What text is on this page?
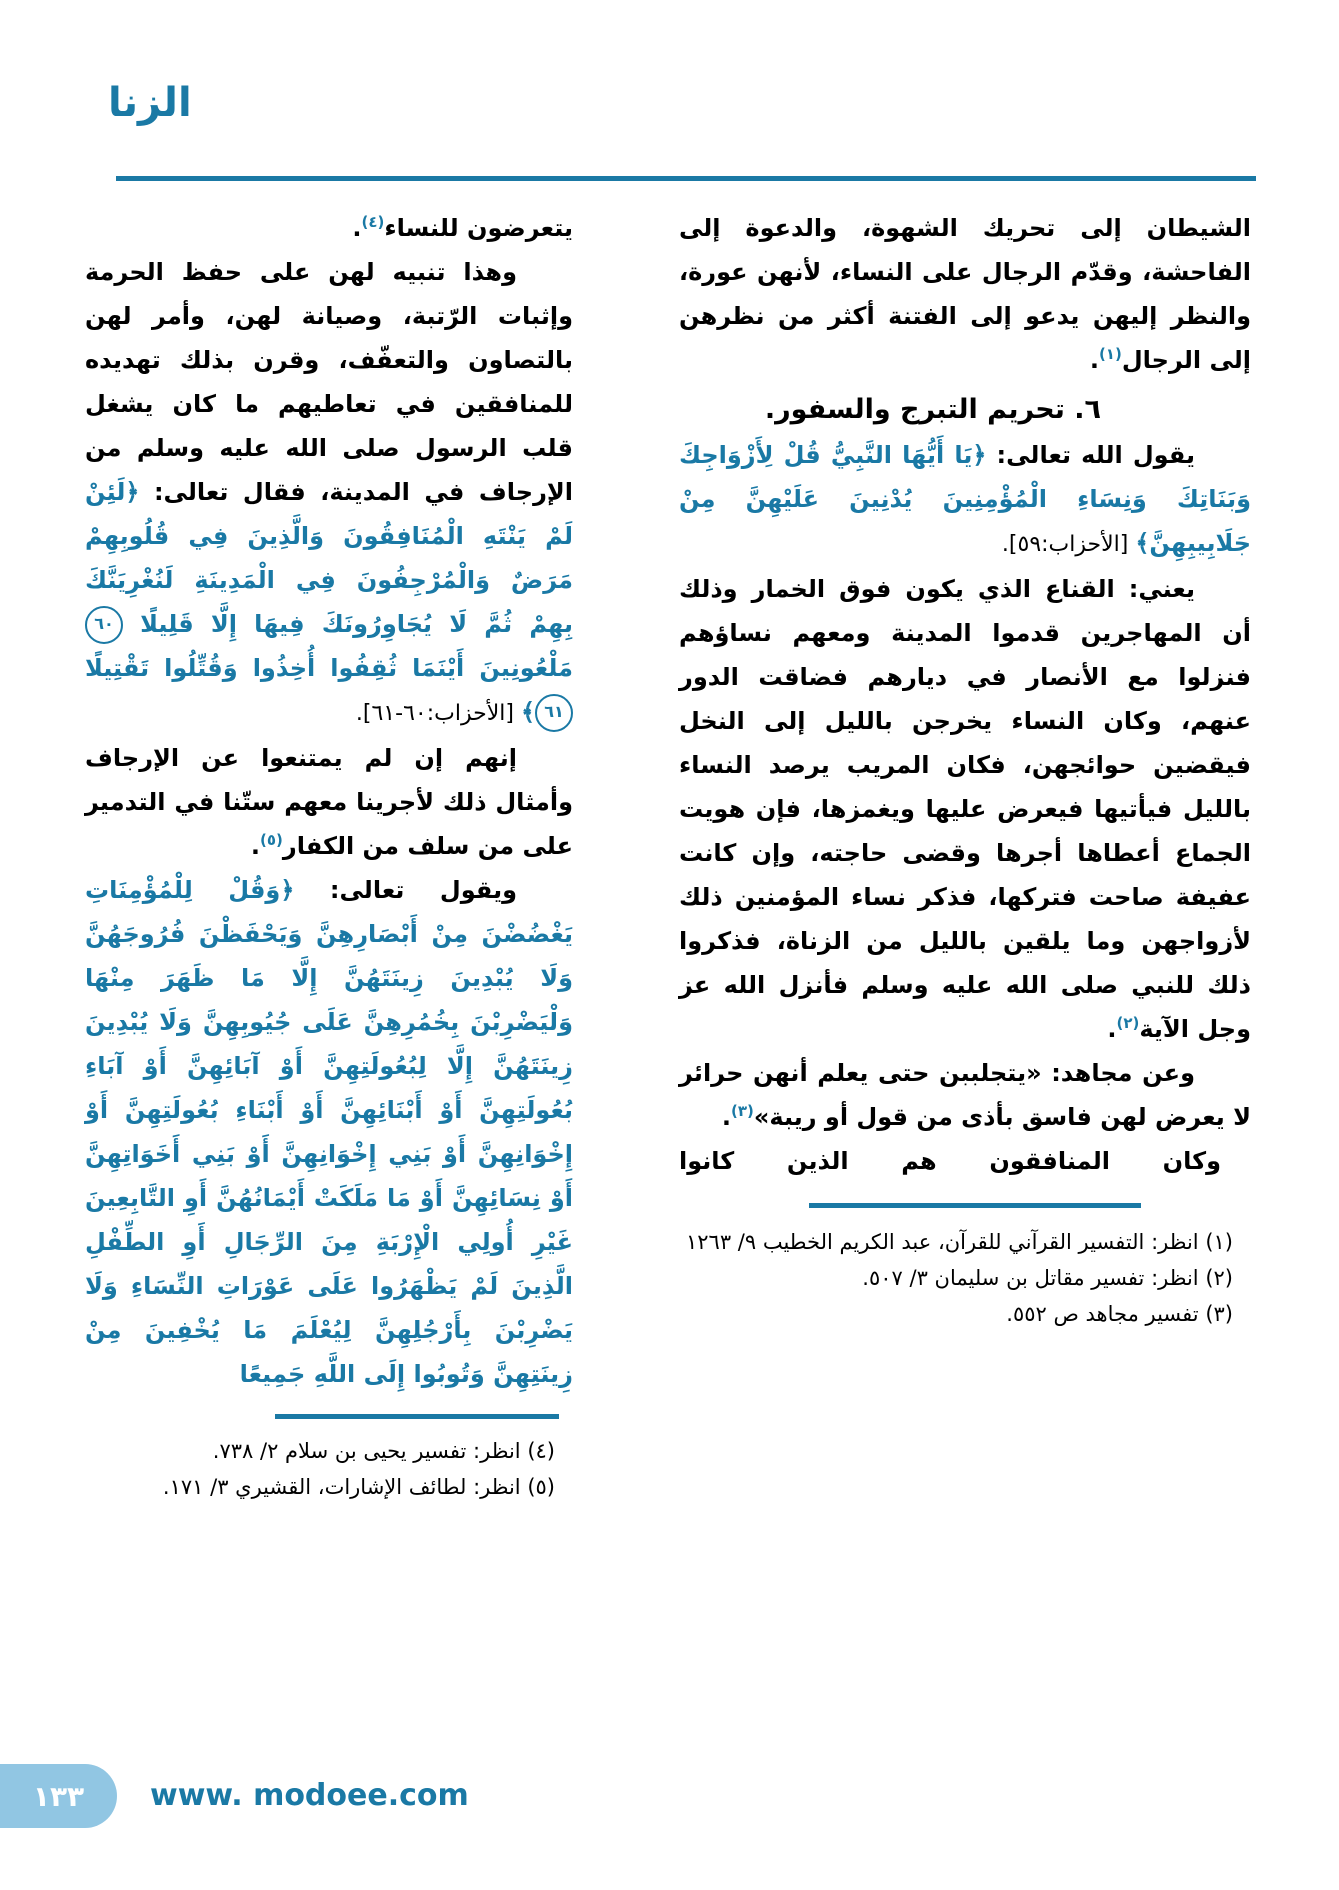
الزنا

الشيطان إلى تحريك الشهوة، والدعوة إلى الفاحشة، وقدّم الرجال على النساء، لأنهن عورة، والنظر إليهن يدعو إلى الفتنة أكثر من نظرهن إلى الرجال$^{(١)}$.

٦. تحريم التبرج والسفور.

يقول الله تعالى: ﴿يَا أَيُّهَا النَّبِيُّ قُلْ لِأَزْوَاجِكَ وَبَنَاتِكَ وَنِسَاءِ الْمُؤْمِنِينَ يُدْنِينَ عَلَيْهِنَّ مِنْ جَلَابِيبِهِنَّ﴾ [الأحزاب:٥٩].

يعني: القناع الذي يكون فوق الخمار وذلك أن المهاجرين قدموا المدينة ومعهم نساؤهم فنزلوا مع الأنصار في ديارهم فضاقت الدور عنهم، وكان النساء يخرجن بالليل إلى النخل فيقضين حوائجهن، فكان المريب يرصد النساء بالليل فيأتيها فيعرض عليها ويغمزها، فإن هويت الجماع أعطاها أجرها وقضى حاجته، وإن كانت عفيفة صاحت فتركها، فذكر نساء المؤمنين ذلك لأزواجهن وما يلقين بالليل من الزناة، فذكروا ذلك للنبي صلى الله عليه وسلم فأنزل الله عز وجل الآية$^{(٢)}$.

وعن مجاهد: «يتجلببن حتى يعلم أنهن حرائر لا يعرض لهن فاسق بأذى من قول أو ريبة»$^{(٣)}$.

وكان المنافقون هم الذين كانوا

(١) انظر: التفسير القرآني للقرآن، عبد الكريم الخطيب ٩/ ١٢٦٣
(٢) انظر: تفسير مقاتل بن سليمان ٣/ ٥٠٧.
(٣) تفسير مجاهد ص ٥٥٢.

يتعرضون للنساء$^{(٤)}$.

وهذا تنبيه لهن على حفظ الحرمة وإثبات الرّتبة، وصيانة لهن، وأمر لهن بالتصاون والتعفّف، وقرن بذلك تهديده للمنافقين في تعاطيهم ما كان يشغل قلب الرسول صلى الله عليه وسلم من الإرجاف في المدينة، فقال تعالى: ﴿لَئِنْ لَمْ يَنْتَهِ الْمُنَافِقُونَ وَالَّذِينَ فِي قُلُوبِهِمْ مَرَضٌ وَالْمُرْجِفُونَ فِي الْمَدِينَةِ لَنُغْرِيَنَّكَ بِهِمْ ثُمَّ لَا يُجَاوِرُونَكَ فِيهَا إِلَّا قَلِيلًا ٦٠ مَلْعُونِينَ أَيْنَمَا ثُقِفُوا أُخِذُوا وَقُتِّلُوا تَقْتِيلًا ٦١﴾ [الأحزاب:٦٠-٦١].

إنهم إن لم يمتنعوا عن الإرجاف وأمثال ذلك لأجرينا معهم ستّنا في التدمير على من سلف من الكفار$^{(٥)}$.

ويقول تعالى: ﴿وَقُلْ لِلْمُؤْمِنَاتِ يَغْضُضْنَ مِنْ أَبْصَارِهِنَّ وَيَحْفَظْنَ فُرُوجَهُنَّ وَلَا يُبْدِينَ زِينَتَهُنَّ إِلَّا مَا ظَهَرَ مِنْهَا وَلْيَضْرِبْنَ بِخُمُرِهِنَّ عَلَى جُيُوبِهِنَّ وَلَا يُبْدِينَ زِينَتَهُنَّ إِلَّا لِبُعُولَتِهِنَّ أَوْ آبَائِهِنَّ أَوْ آبَاءِ بُعُولَتِهِنَّ أَوْ أَبْنَائِهِنَّ أَوْ أَبْنَاءِ بُعُولَتِهِنَّ أَوْ إِخْوَانِهِنَّ أَوْ بَنِي إِخْوَانِهِنَّ أَوْ بَنِي أَخَوَاتِهِنَّ أَوْ نِسَائِهِنَّ أَوْ مَا مَلَكَتْ أَيْمَانُهُنَّ أَوِ التَّابِعِينَ غَيْرِ أُولِي الْإِرْبَةِ مِنَ الرِّجَالِ أَوِ الطِّفْلِ الَّذِينَ لَمْ يَظْهَرُوا عَلَى عَوْرَاتِ النِّسَاءِ وَلَا يَضْرِبْنَ بِأَرْجُلِهِنَّ لِيُعْلَمَ مَا يُخْفِينَ مِنْ زِينَتِهِنَّ وَتُوبُوا إِلَى اللَّهِ جَمِيعًا

(٤) انظر: تفسير يحيى بن سلام ٢/ ٧٣٨.
(٥) انظر: لطائف الإشارات، القشيري ٣/ ١٧١.
١٣٣ www. modoee.com
